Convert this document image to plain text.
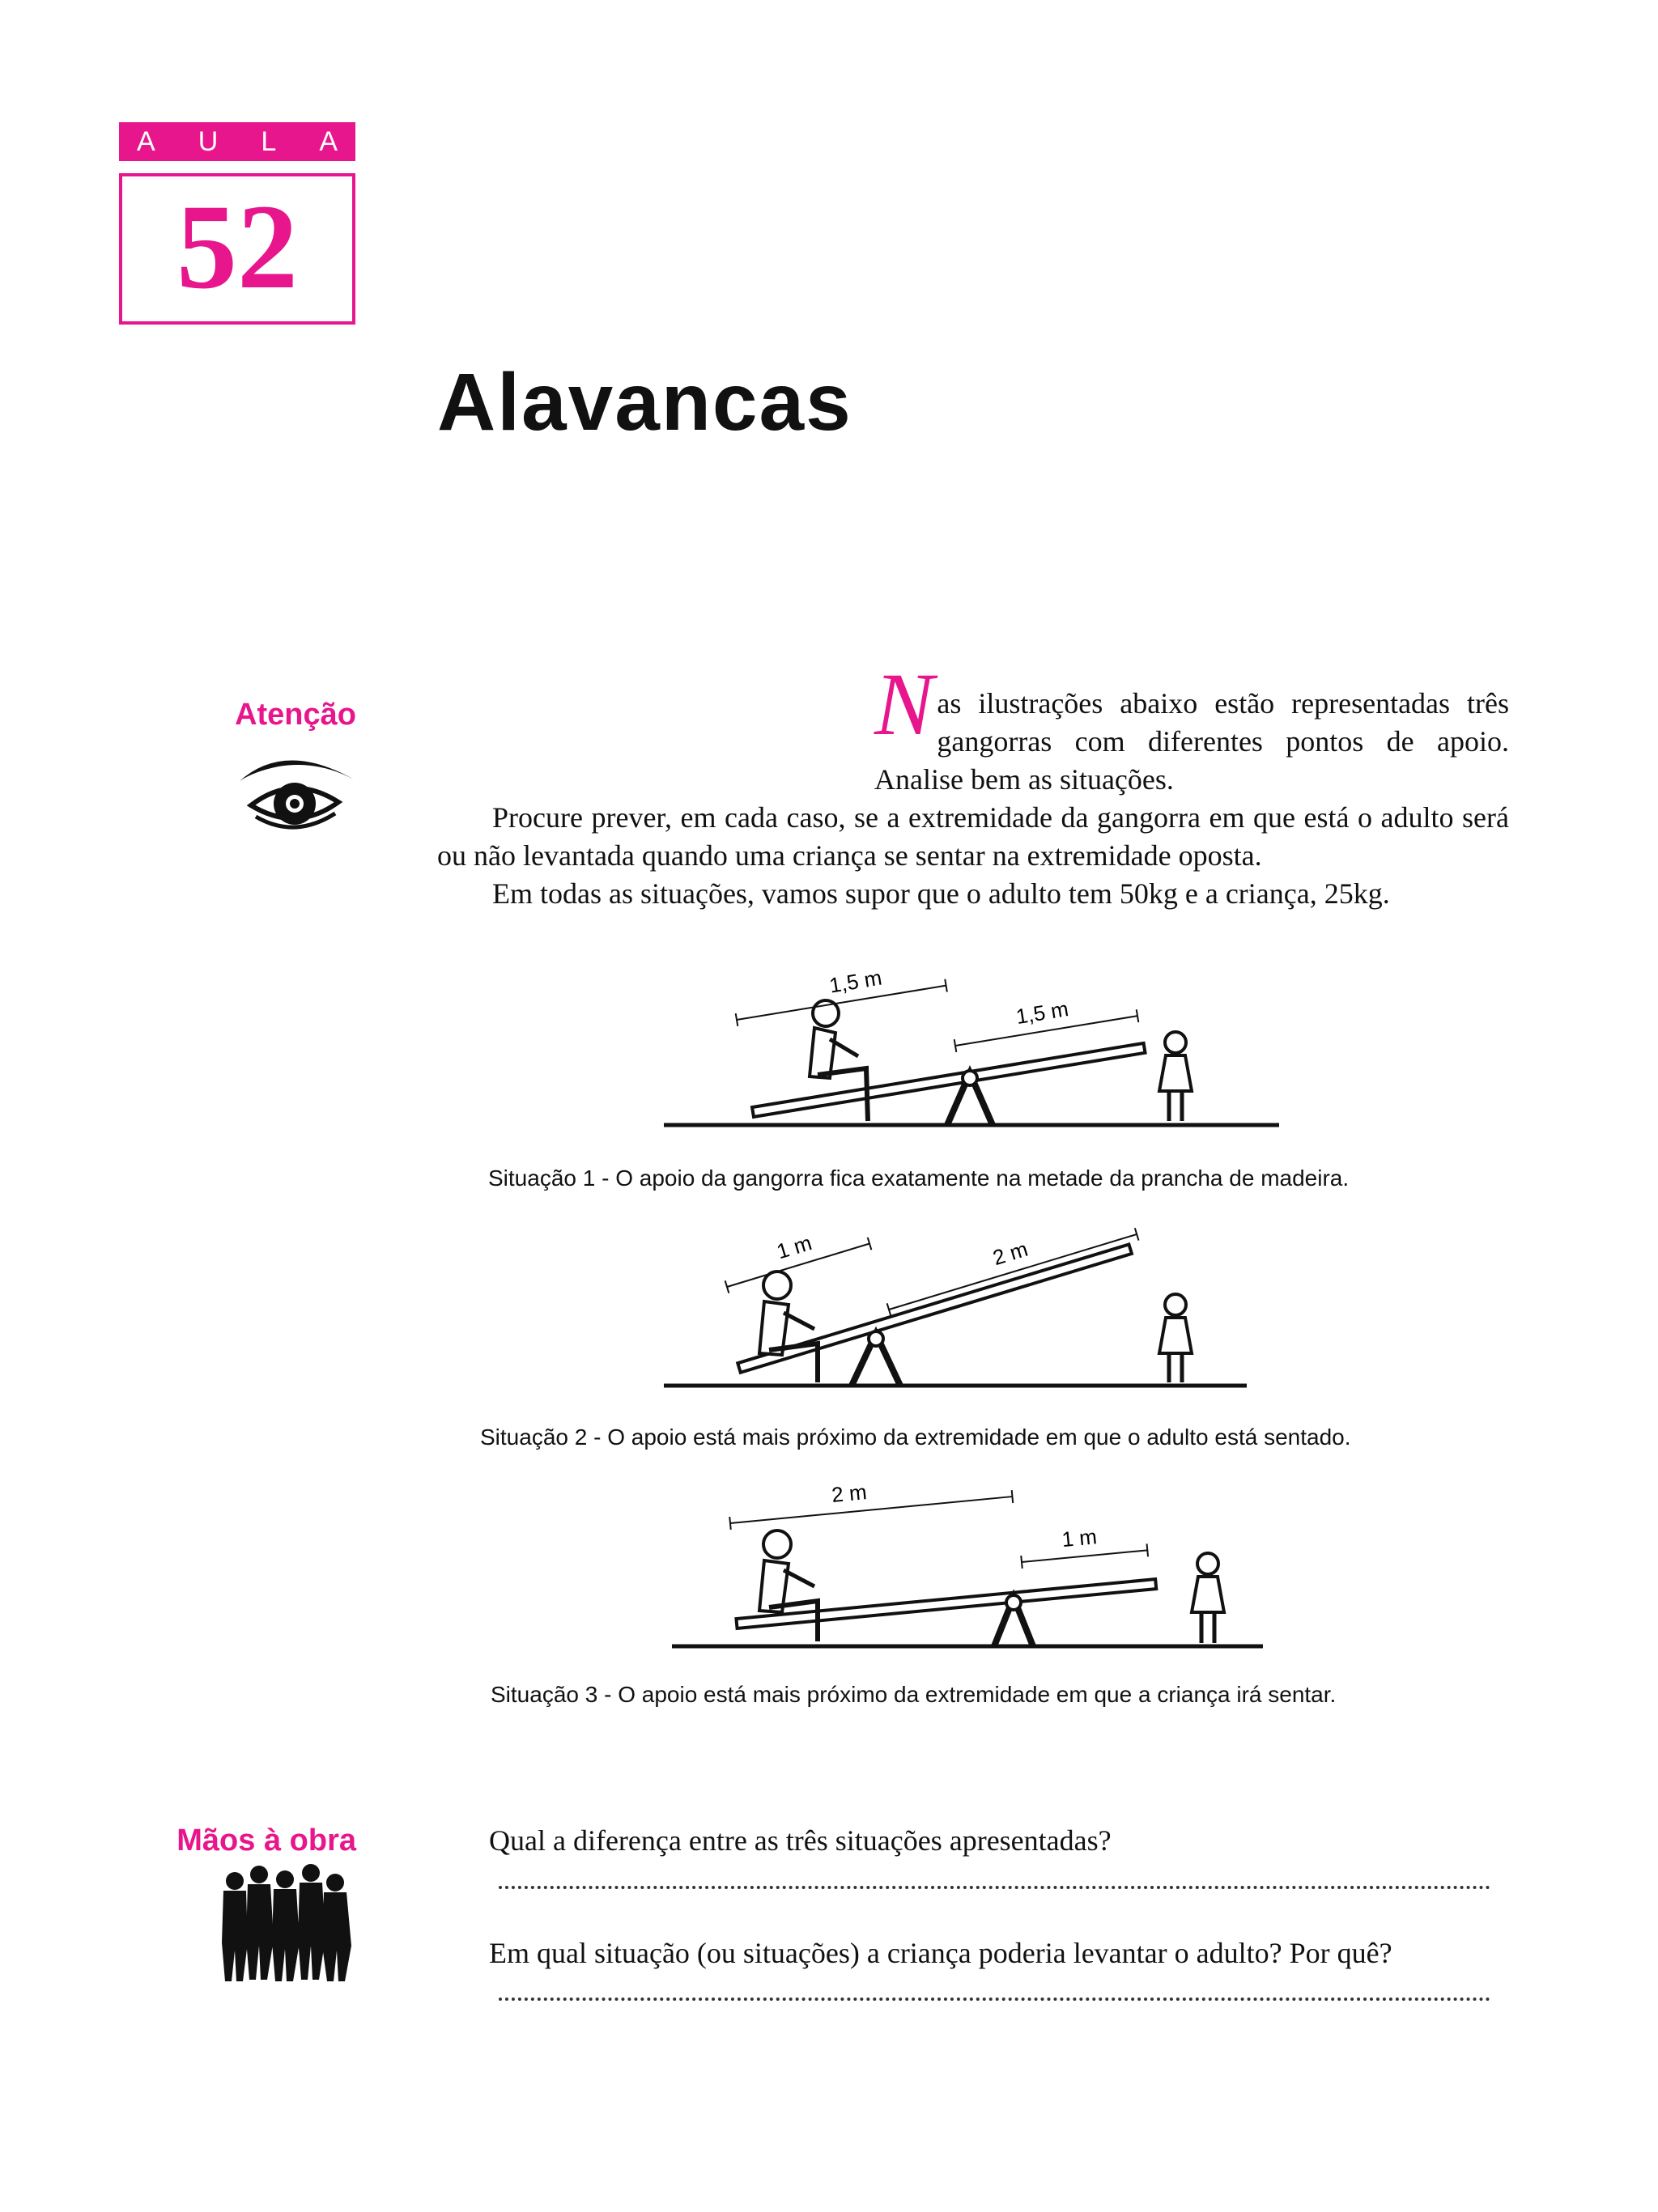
A U L A
52
Alavancas
Atenção	Nas ilustrações abaixo estão representadas três gangorras com diferentes pontos de apoio. Analise bem as situações.

Procure prever, em cada caso, se a extremidade da gangorra em que está o adulto será ou não levantada quando uma criança se sentar na extremidade oposta.

Em todas as situações, vamos supor que o adulto tem 50kg e a criança, 25kg.

1,5 m
1,5 m
Situação 1 - O apoio da gangorra fica exatamente na metade da prancha de madeira.
1 m	2 m
Situação 2 - O apoio está mais próximo da extremidade em que o adulto está sentado.
2 m
1 m
Situação 3 - O apoio está mais próximo da extremidade em que a criança irá sentar.
Mãos à obra	Qual a diferença entre as três situações apresentadas?
Em qual situação (ou situações) a criança poderia levantar o adulto? Por quê?
